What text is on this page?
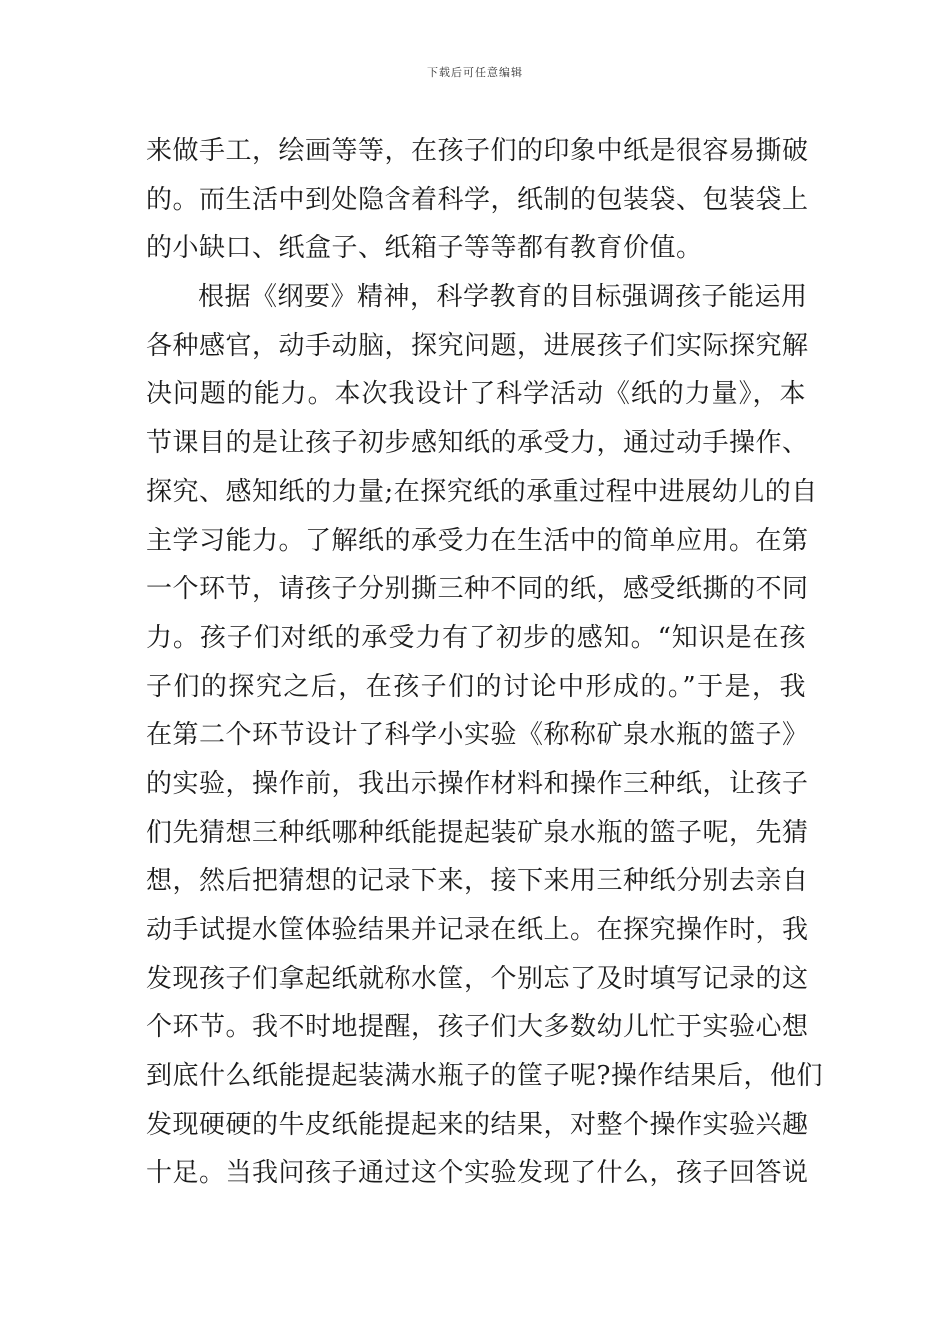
下载后可任意编辑
来做手工，绘画等等，在孩子们的印象中纸是很容易撕破
的。而生活中到处隐含着科学，纸制的包装袋、包装袋上
的小缺口、纸盒子、纸箱子等等都有教育价值。
根据《纲要》精神，科学教育的目标强调孩子能运用
各种感官，动手动脑，探究问题，进展孩子们实际探究解
决问题的能力。本次我设计了科学活动《纸的力量》，本
节课目的是让孩子初步感知纸的承受力，通过动手操作、
探究、感知纸的力量;在探究纸的承重过程中进展幼儿的自
主学习能力。了解纸的承受力在生活中的简单应用。在第
一个环节，请孩子分别撕三种不同的纸，感受纸撕的不同
力。孩子们对纸的承受力有了初步的感知。“知识是在孩
子们的探究之后，在孩子们的讨论中形成的。”于是，我
在第二个环节设计了科学小实验《称称矿泉水瓶的篮子》
的实验，操作前，我出示操作材料和操作三种纸，让孩子
们先猜想三种纸哪种纸能提起装矿泉水瓶的篮子呢，先猜
想，然后把猜想的记录下来，接下来用三种纸分别去亲自
动手试提水筐体验结果并记录在纸上。在探究操作时，我
发现孩子们拿起纸就称水筐，个别忘了及时填写记录的这
个环节。我不时地提醒，孩子们大多数幼儿忙于实验心想
到底什么纸能提起装满水瓶子的筐子呢?操作结果后，他们
发现硬硬的牛皮纸能提起来的结果，对整个操作实验兴趣
十足。当我问孩子通过这个实验发现了什么，孩子回答说
